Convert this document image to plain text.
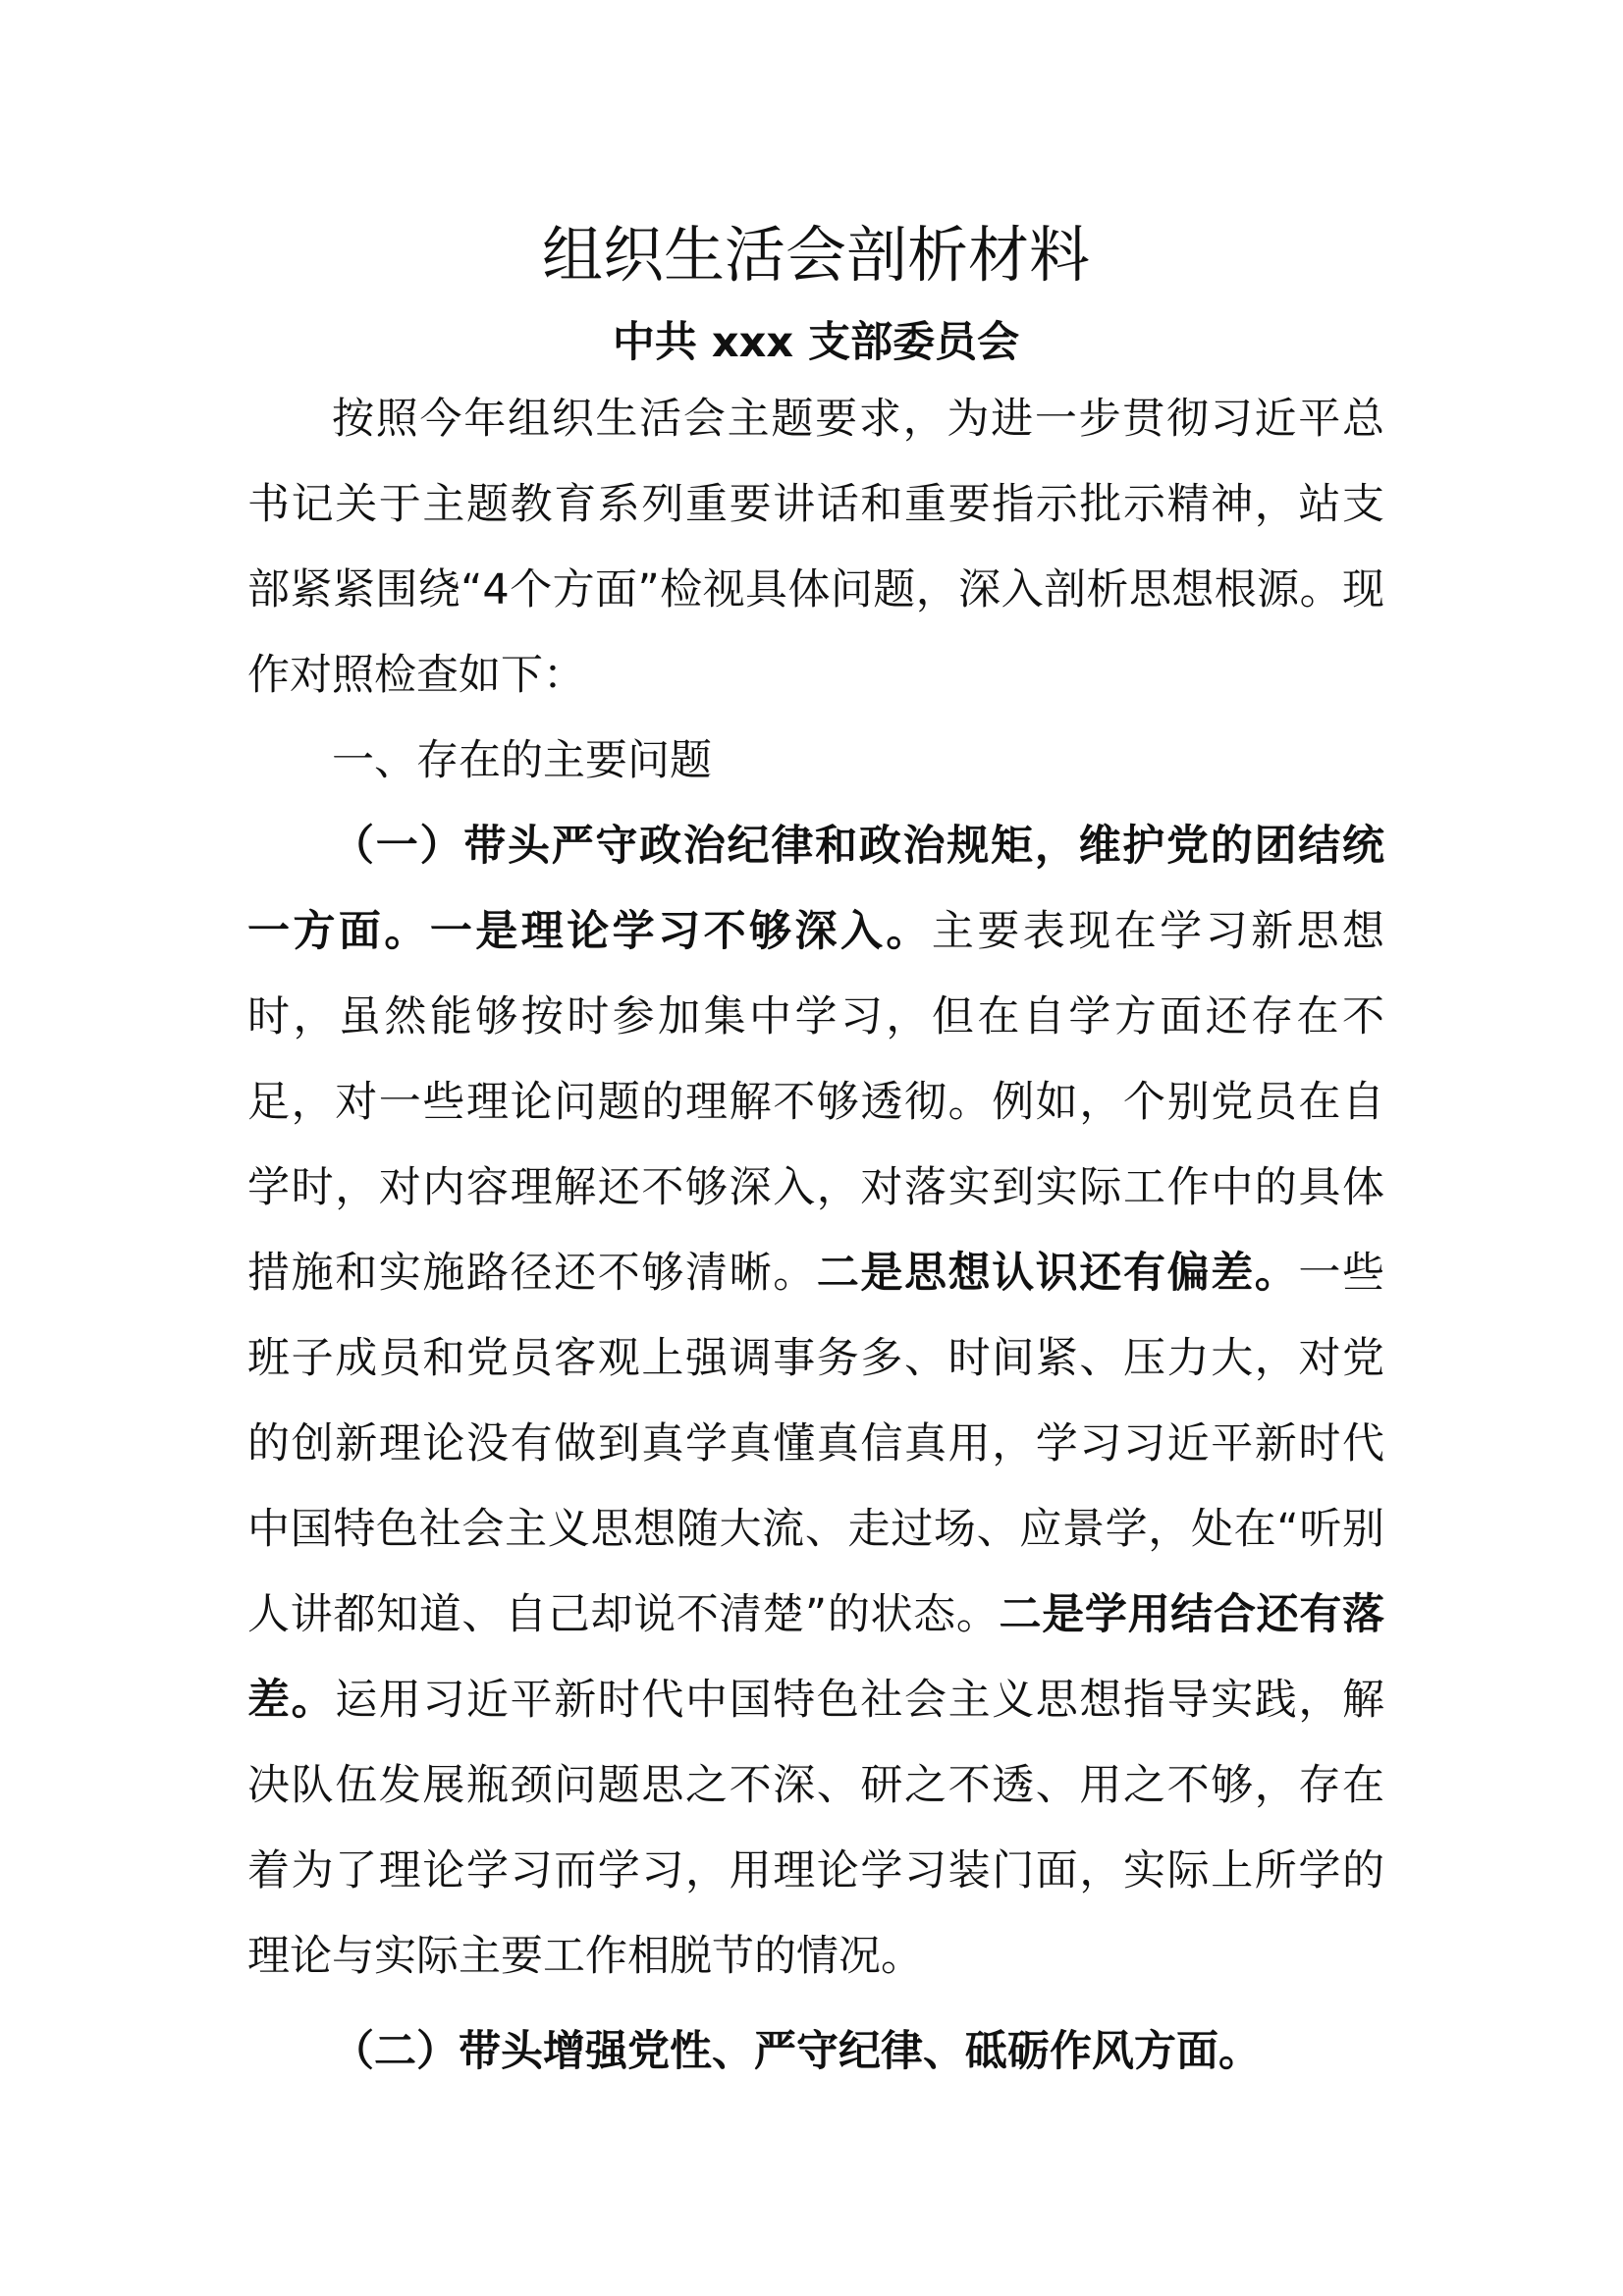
组织生活会剖析材料
中共 xxx 支部委员会

按照今年组织生活会主题要求，为进一步贯彻习近平总书记关于主题教育系列重要讲话和重要指示批示精神，站支部紧紧围绕“4个方面”检视具体问题，深入剖析思想根源。现作对照检查如下：

一、存在的主要问题

（一）带头严守政治纪律和政治规矩，维护党的团结统一方面。一是理论学习不够深入。主要表现在学习新思想时，虽然能够按时参加集中学习，但在自学方面还存在不足，对一些理论问题的理解不够透彻。例如，个别党员在自学时，对内容理解还不够深入，对落实到实际工作中的具体措施和实施路径还不够清晰。二是思想认识还有偏差。一些班子成员和党员客观上强调事务多、时间紧、压力大，对党的创新理论没有做到真学真懂真信真用，学习习近平新时代中国特色社会主义思想随大流、走过场、应景学，处在“听别人讲都知道、自己却说不清楚”的状态。二是学用结合还有落差。运用习近平新时代中国特色社会主义思想指导实践，解决队伍发展瓶颈问题思之不深、研之不透、用之不够，存在着为了理论学习而学习，用理论学习装门面，实际上所学的理论与实际主要工作相脱节的情况。

（二）带头增强党性、严守纪律、砥砺作风方面。
